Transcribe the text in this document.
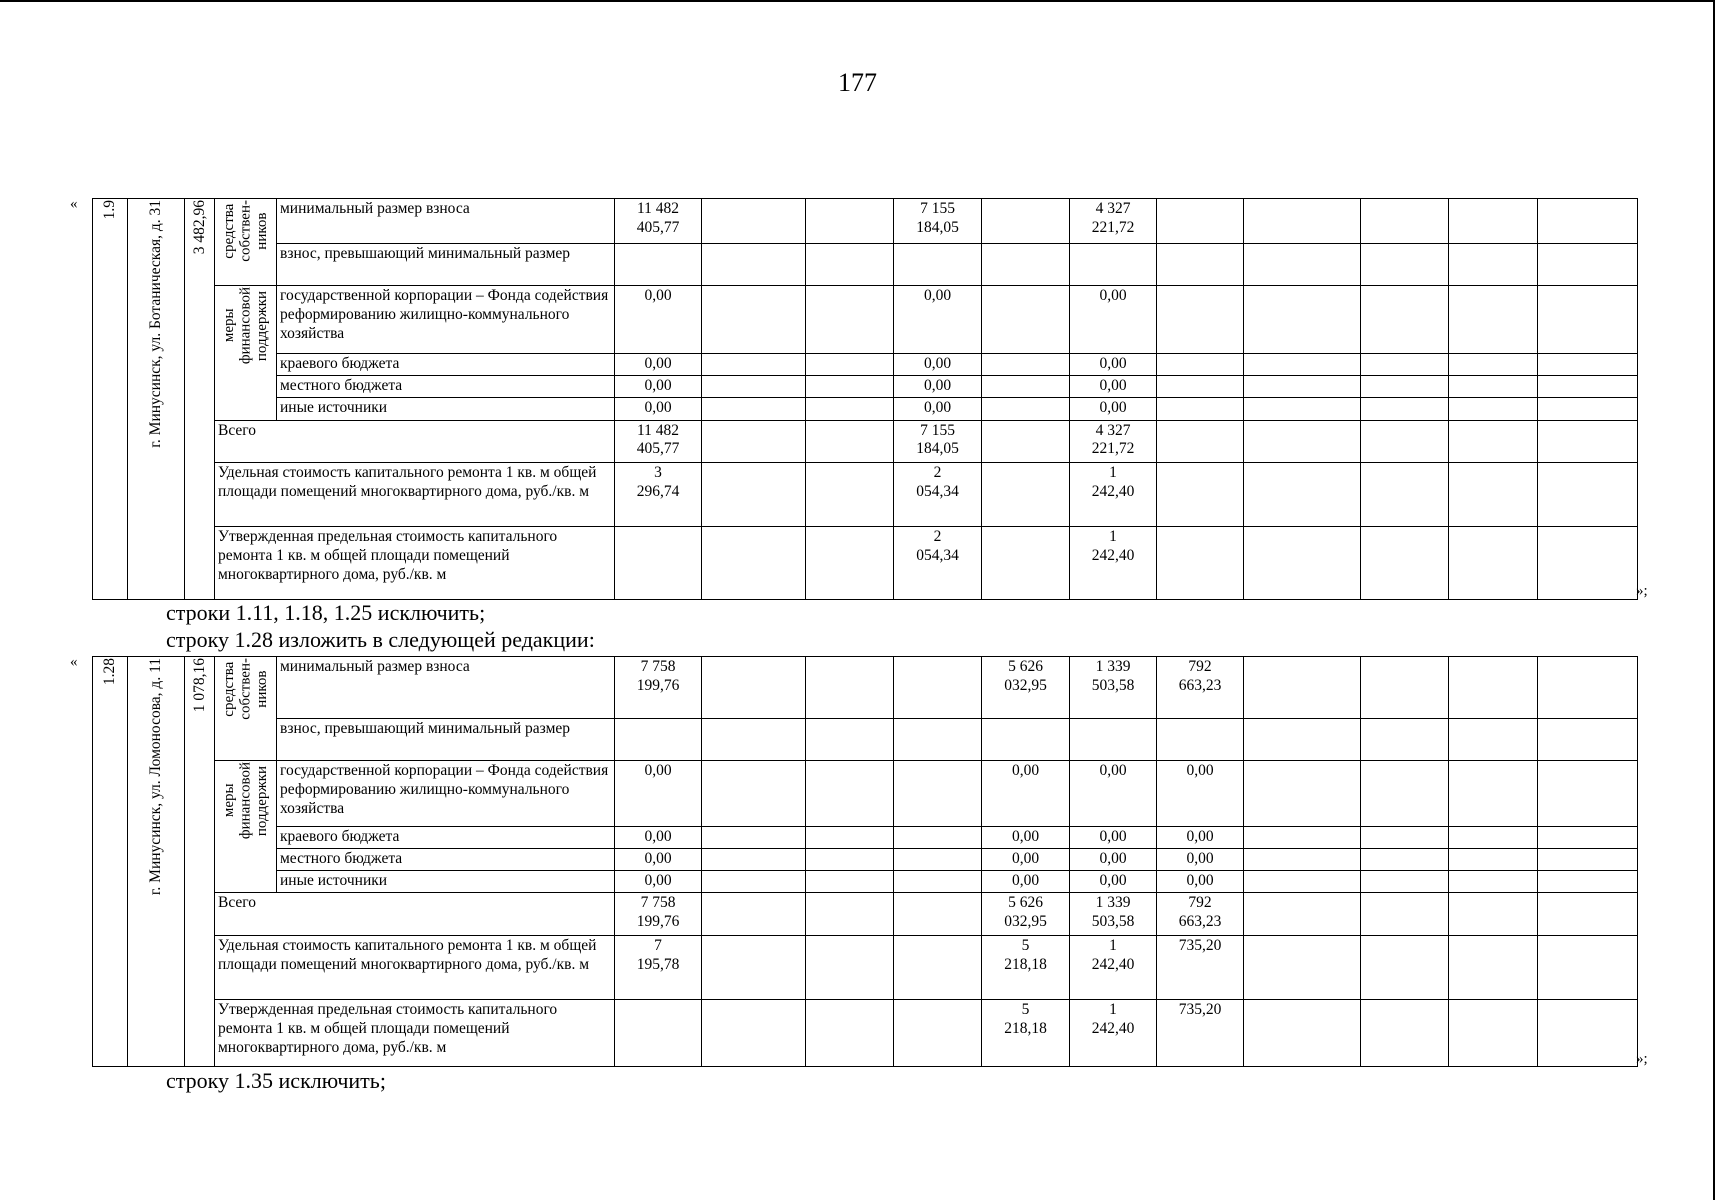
177
«
»;
1.9	г. Минусинск, ул. Ботаническая, д. 31	3 482,96	средства
собствен-
ников	минимальный размер взноса	11 482
405,77			7 155
184,05		4 327
221,72					
				взнос, превышающий минимальный размер											

			меры
финансовой
поддержки	государственной корпорации – Фонда содействия реформированию жилищно-коммунального хозяйства	0,00			0,00		0,00					
				краевого бюджета	0,00			0,00		0,00					
				местного бюджета	0,00			0,00		0,00					
				иные источники	0,00			0,00		0,00					
			Всего		11 482
405,77			7 155
184,05		4 327
221,72					
			Удельная стоимость капитального ремонта 1 кв. м общей площади помещений многоквартирного дома, руб./кв. м		3
296,74			2
054,34		1
242,40					
			Утвержденная предельная стоимость капитального ремонта 1 кв. м общей площади помещений многоквартирного дома, руб./кв. м					2
054,34		1
242,40					
строки 1.11, 1.18, 1.25 исключить;
строку 1.28 изложить в следующей редакции:
«
»;
1.28	г. Минусинск, ул. Ломоносова, д. 11	1 078,16	средства
собствен-
ников	минимальный размер взноса	7 758
199,76				5 626
032,95	1 339
503,58	792
663,23				
				взнос, превышающий минимальный размер											

			меры
финансовой
поддержки	государственной корпорации – Фонда содействия реформированию жилищно-коммунального хозяйства	0,00				0,00	0,00	0,00				
				краевого бюджета	0,00				0,00	0,00	0,00				
				местного бюджета	0,00				0,00	0,00	0,00				
				иные источники	0,00				0,00	0,00	0,00				
			Всего		7 758
199,76				5 626
032,95	1 339
503,58	792
663,23				
			Удельная стоимость капитального ремонта 1 кв. м общей площади помещений многоквартирного дома, руб./кв. м		7
195,78				5
218,18	1
242,40	735,20				
			Утвержденная предельная стоимость капитального ремонта 1 кв. м общей площади помещений многоквартирного дома, руб./кв. м						5
218,18	1
242,40	735,20				
строку 1.35 исключить;
